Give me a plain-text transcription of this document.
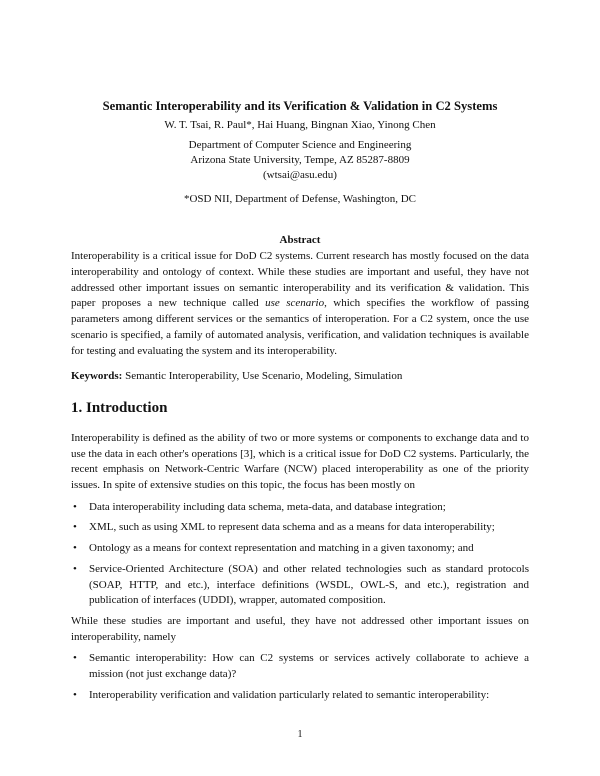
Semantic Interoperability and its Verification & Validation in C2 Systems
W. T. Tsai, R. Paul*, Hai Huang, Bingnan Xiao, Yinong Chen
Department of Computer Science and Engineering
Arizona State University, Tempe, AZ 85287-8809
(wtsai@asu.edu)
*OSD NII, Department of Defense, Washington, DC
Abstract

Interoperability is a critical issue for DoD C2 systems. Current research has mostly focused on the data interoperability and ontology of context. While these studies are important and useful, they have not addressed other important issues on semantic interoperability and its verification & validation. This paper proposes a new technique called use scenario, which specifies the workflow of passing parameters among different services or the semantics of interoperation. For a C2 system, once the use scenario is specified, a family of automated analysis, verification, and validation techniques is available for testing and evaluating the system and its interoperability.

Keywords: Semantic Interoperability, Use Scenario, Modeling, Simulation
1. Introduction
Interoperability is defined as the ability of two or more systems or components to exchange data and to use the data in each other's operations [3], which is a critical issue for DoD C2 systems. Particularly, the recent emphasis on Network-Centric Warfare (NCW) placed interoperability as one of the priority issues. In spite of extensive studies on this topic, the focus has been mostly on
• Data interoperability including data schema, meta-data, and database integration;
• XML, such as using XML to represent data schema and as a means for data interoperability;
• Ontology as a means for context representation and matching in a given taxonomy; and
• Service-Oriented Architecture (SOA) and other related technologies such as standard protocols (SOAP, HTTP, and etc.), interface definitions (WSDL, OWL-S, and etc.), registration and publication of interfaces (UDDI), wrapper, automated composition.
While these studies are important and useful, they have not addressed other important issues on interoperability, namely
• Semantic interoperability: How can C2 systems or services actively collaborate to achieve a mission (not just exchange data)?
• Interoperability verification and validation particularly related to semantic interoperability:
1
